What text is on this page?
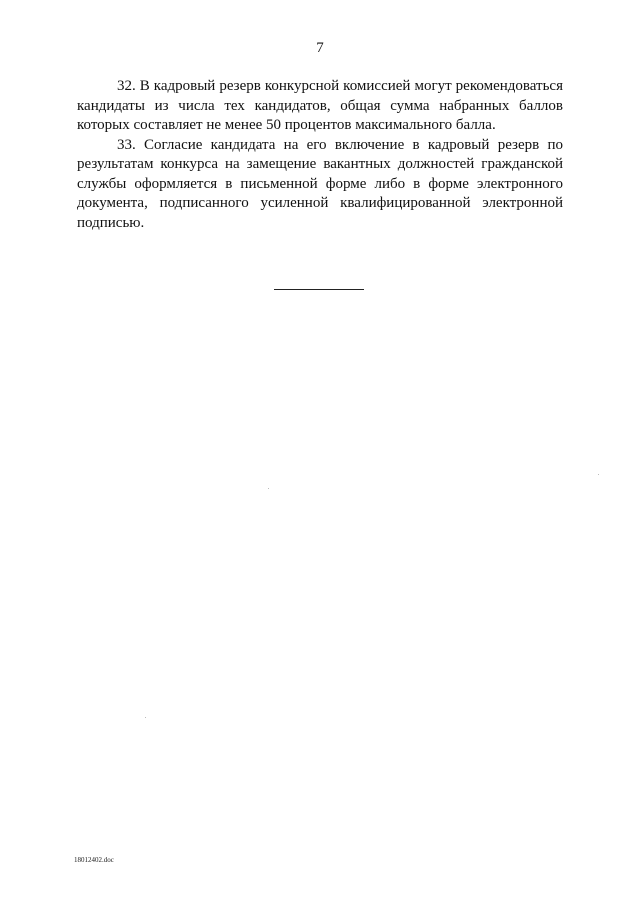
7

32. В кадровый резерв конкурсной комиссией могут рекомендоваться кандидаты из числа тех кандидатов, общая сумма набранных баллов которых составляет не менее 50 процентов максимального балла.

33. Согласие кандидата на его включение в кадровый резерв по результатам конкурса на замещение вакантных должностей гражданской службы оформляется в письменной форме либо в форме электронного документа, подписанного усиленной квалифицированной электронной подписью.

18012402.doc
